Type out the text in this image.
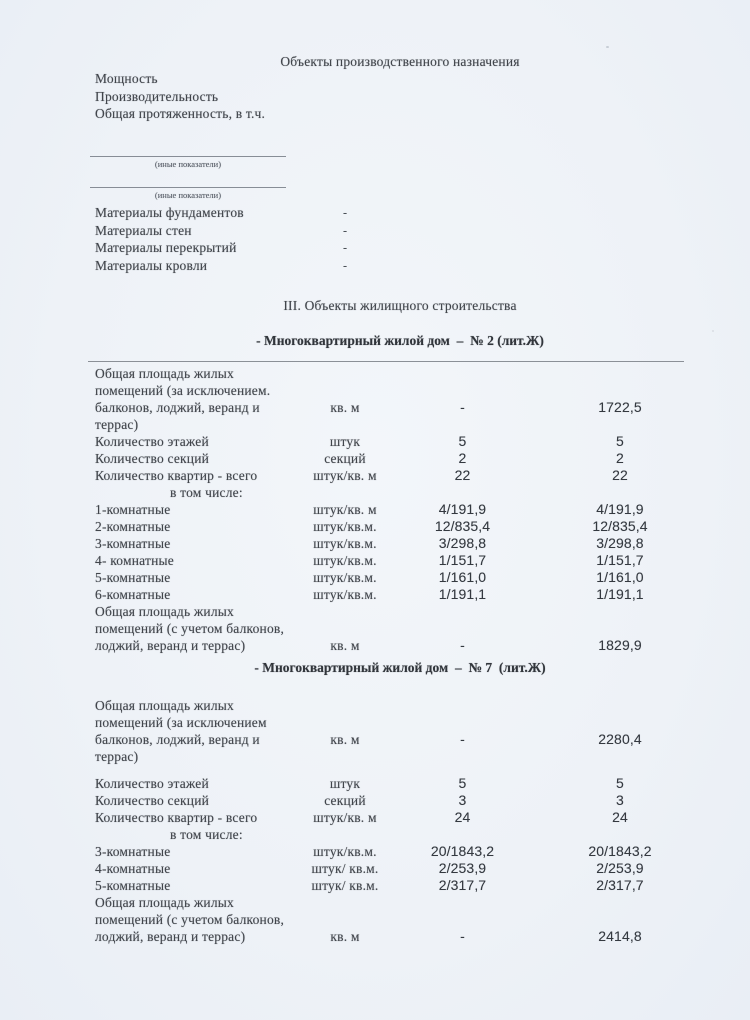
Объекты производственного назначения
Мощность
Производительность
Общая протяженность, в т.ч.
(иные показатели)
(иные показатели)
Материалы фундаментов	-
Материалы стен	-
Материалы перекрытий	-
Материалы кровли	-
III. Объекты жилищного строительства
- Многоквартирный жилой дом  –  № 2 (лит.Ж)
Общая площадь жилых
помещений (за исключением.
балконов, лоджий, веранд и
террас)
кв. м	-	1722,5
Количество этажей	штук	5	5
Количество секций	секций	2	2
Количество квартир - всего	штук/кв. м	22	22
в том числе:
1-комнатные	штук/кв. м	4/191,9	4/191,9
2-комнатные	штук/кв.м.	12/835,4	12/835,4
3-комнатные	штук/кв.м.	3/298,8	3/298,8
4- комнатные	штук/кв.м.	1/151,7	1/151,7
5-комнатные	штук/кв.м.	1/161,0	1/161,0
6-комнатные	штук/кв.м.	1/191,1	1/191,1
Общая площадь жилых
помещений (с учетом балконов,
лоджий, веранд и террас)	кв. м	-	1829,9
- Многоквартирный жилой дом  –  № 7  (лит.Ж)
Общая площадь жилых
помещений (за исключением
балконов, лоджий, веранд и
террас)
кв. м	-	2280,4
Количество этажей	штук	5	5
Количество секций	секций	3	3
Количество квартир - всего	штук/кв. м	24	24
в том числе:
3-комнатные	штук/кв.м.	20/1843,2	20/1843,2
4-комнатные	штук/ кв.м.	2/253,9	2/253,9
5-комнатные	штук/ кв.м.	2/317,7	2/317,7
Общая площадь жилых
помещений (с учетом балконов,
лоджий, веранд и террас)	кв. м	-	2414,8
